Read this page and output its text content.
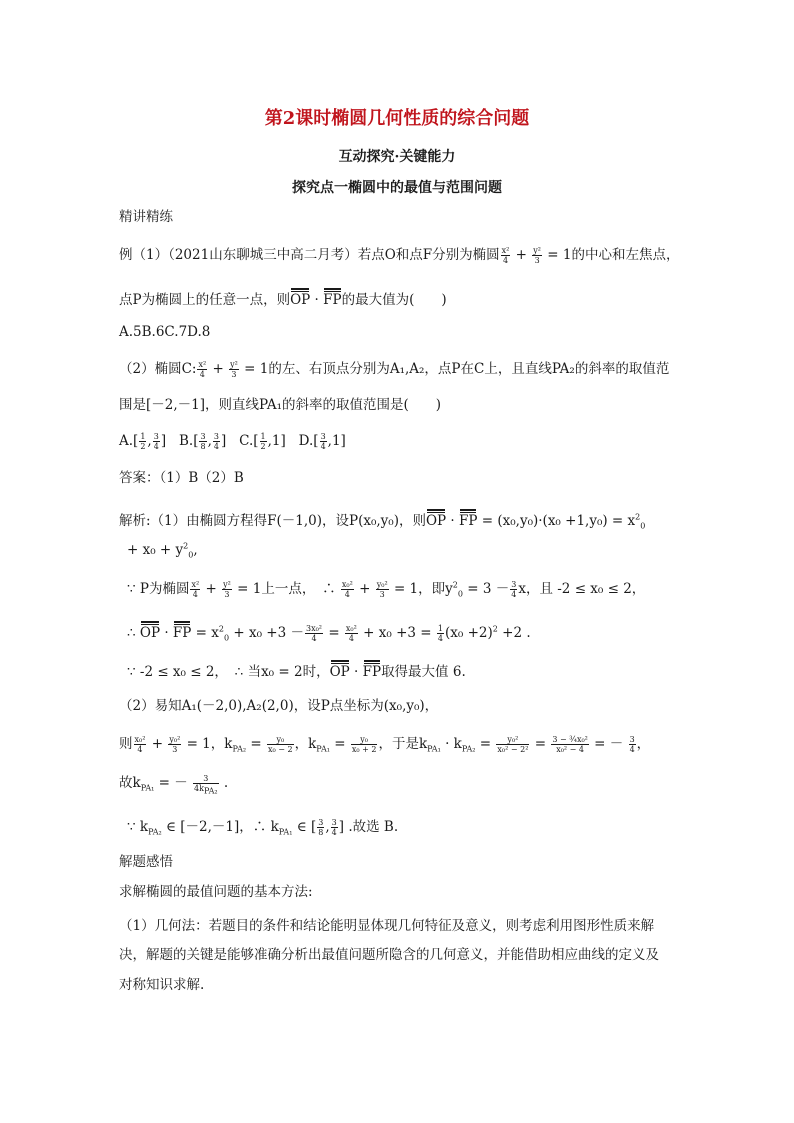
第2课时椭圆几何性质的综合问题
互动探究·关键能力
探究点一椭圆中的最值与范围问题
精讲精练
例（1）（2021山东聊城三中高二月考）若点O和点F分别为椭圆 $\frac{\text{x²}}{4} + \frac{\text{y²}}{3} = 1$的中心和左焦点，
点P为椭圆上的任意一点，则OP · FP的最大值为(　　)
A.5B.6C.7D.8
（2）椭圆C: $\frac{\text{x²}}{4} + \frac{\text{y²}}{3} = 1$的左、右顶点分别为A₁,A₂，点P在C上，且直线PA₂的斜率的取值范
围是[－2,－1]，则直线PA₁的斜率的取值范围是(　　)
$A.[ \frac{1}{2}$ , $\frac{3}{4}$ ] $B.[ \frac{3}{8}$ , $\frac{3}{4}$ ] $C.[ \frac{1}{2} ,1]$ $D.[ \frac{3}{4} ,1]$
答案：（1）B（2）B
解析:（1）由椭圆方程得F(－1,0)，设P(x₀,y₀)，则OP · FP = $(x_0,y_0)\cdot(x_0 +1,y_0) = x^2_0$
+ $x_0 + y^2_0$,
∵ P为椭圆 $\frac{\text{x²}}{4} + \frac{\text{y²}}{3} = 1$上一点，　∴ $\frac{\text{x₀²}}{4} + \frac{\text{y₀²}}{3} = 1$，即$y^2_0 = 3 - \frac{3}{4}$ x，且 -2 ≤ x₀ ≤ 2，
∴ OP · FP = $x^2_0 + x_0 +3 - \frac{\text{3x₀²}}{4} = \frac{\text{x₀²}}{4} + x_0 +3 = \frac{1}{4} (x_0 +2)^2 +2$ .
∵ -2 ≤ x₀ ≤ 2，　∴ 当x₀ = 2时，OP · FP取得最大值 6.
（2）易知A₁(－2,0),A₂(2,0)，设P点坐标为(x₀,y₀)，
则 $\frac{\text{x₀²}}{4} + \frac{\text{y₀²}}{3} = 1$，$k_{PA_2} = \frac{\text{y₀}}{\text{x₀ − 2}}$ ，$k_{PA_1} = \frac{\text{y₀}}{\text{x₀ + 2}}$ ，于是$k_{PA_1} \cdot k_{PA_2} = \frac{\text{y₀²}}{\text{x₀² − 2²}} = \frac{\text{3 − ¾x₀²}}{\text{x₀² − 4}}$ = － $\frac{3}{4}$ ，
故$k_{PA_1}$ = － $\frac{3}{4k_{PA_2}}$ .
∵ $k_{PA_2}$ ∈ [－2,－1]，∴ $k_{PA_1}$ ∈ [ $\frac{3}{8}$ , $\frac{3}{4}$ ] .故选 B.
解题感悟
求解椭圆的最值问题的基本方法:
（1）几何法：若题目的条件和结论能明显体现几何特征及意义，则考虑利用图形性质来解
决，解题的关键是能够准确分析出最值问题所隐含的几何意义，并能借助相应曲线的定义及
对称知识求解.
